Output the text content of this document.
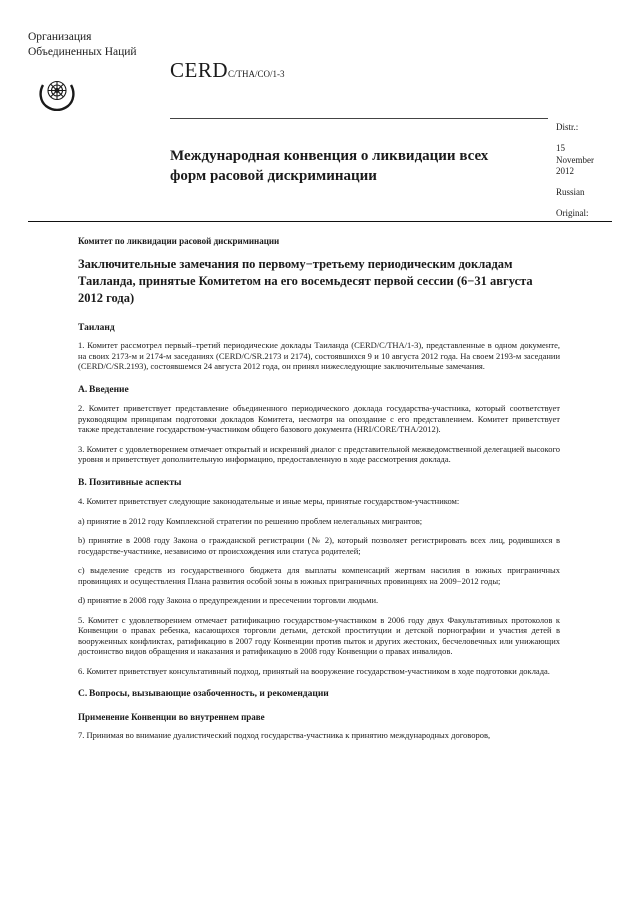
Организация
Объединенных Наций
CERDC/THA/CO/1-3
Distr.:
15
November
2012
Russian
Original:
Международная конвенция о ликвидации всех форм расовой дискриминации
Комитет по ликвидации расовой дискриминации
Заключительные замечания по первому−третьему периодическим докладам Таиланда, принятые Комитетом на его восемьдесят первой сессии (6−31 августа 2012 года)
Таиланд
1. Комитет рассмотрел первый–третий периодические доклады Таиланда (CERD/C/THA/1-3), представленные в одном документе, на своих 2173-м и 2174-м заседаниях (CERD/C/SR.2173 и 2174), состоявшихся 9 и 10 августа 2012 года. На своем 2193-м заседании (CERD/C/SR.2193), состоявшемся 24 августа 2012 года, он принял нижеследующие заключительные замечания.
A. Введение
2. Комитет приветствует представление объединенного периодического доклада государства-участника, который соответствует руководящим принципам подготовки докладов Комитета, несмотря на опоздание с его представлением. Комитет приветствует также представление государством-участником общего базового документа (HRI/CORE/THA/2012).
3. Комитет с удовлетворением отмечает открытый и искренний диалог с представительной межведомственной делегацией высокого уровня и приветствует дополнительную информацию, предоставленную в ходе рассмотрения доклада.
B. Позитивные аспекты
4. Комитет приветствует следующие законодательные и иные меры, принятые государством-участником:
a) принятие в 2012 году Комплексной стратегии по решению проблем нелегальных мигрантов;
b) принятие в 2008 году Закона о гражданской регистрации (№ 2), который позволяет регистрировать всех лиц, родившихся в государстве-участнике, независимо от происхождения или статуса родителей;
c) выделение средств из государственного бюджета для выплаты компенсаций жертвам насилия в южных приграничных провинциях и осуществления Плана развития особой зоны в южных приграничных провинциях на 2009−2012 годы;
d) принятие в 2008 году Закона о предупреждении и пресечении торговли людьми.
5. Комитет с удовлетворением отмечает ратификацию государством-участником в 2006 году двух Факультативных протоколов к Конвенции о правах ребенка, касающихся торговли детьми, детской проституции и детской порнографии и участия детей в вооруженных конфликтах, ратификацию в 2007 году Конвенции против пыток и других жестоких, бесчеловечных или унижающих достоинство видов обращения и наказания и ратификацию в 2008 году Конвенции о правах инвалидов.
6. Комитет приветствует консультативный подход, принятый на вооружение государством-участником в ходе подготовки доклада.
C. Вопросы, вызывающие озабоченность, и рекомендации
Применение Конвенции во внутреннем праве
7. Принимая во внимание дуалистический подход государства-участника к принятию международных договоров,
